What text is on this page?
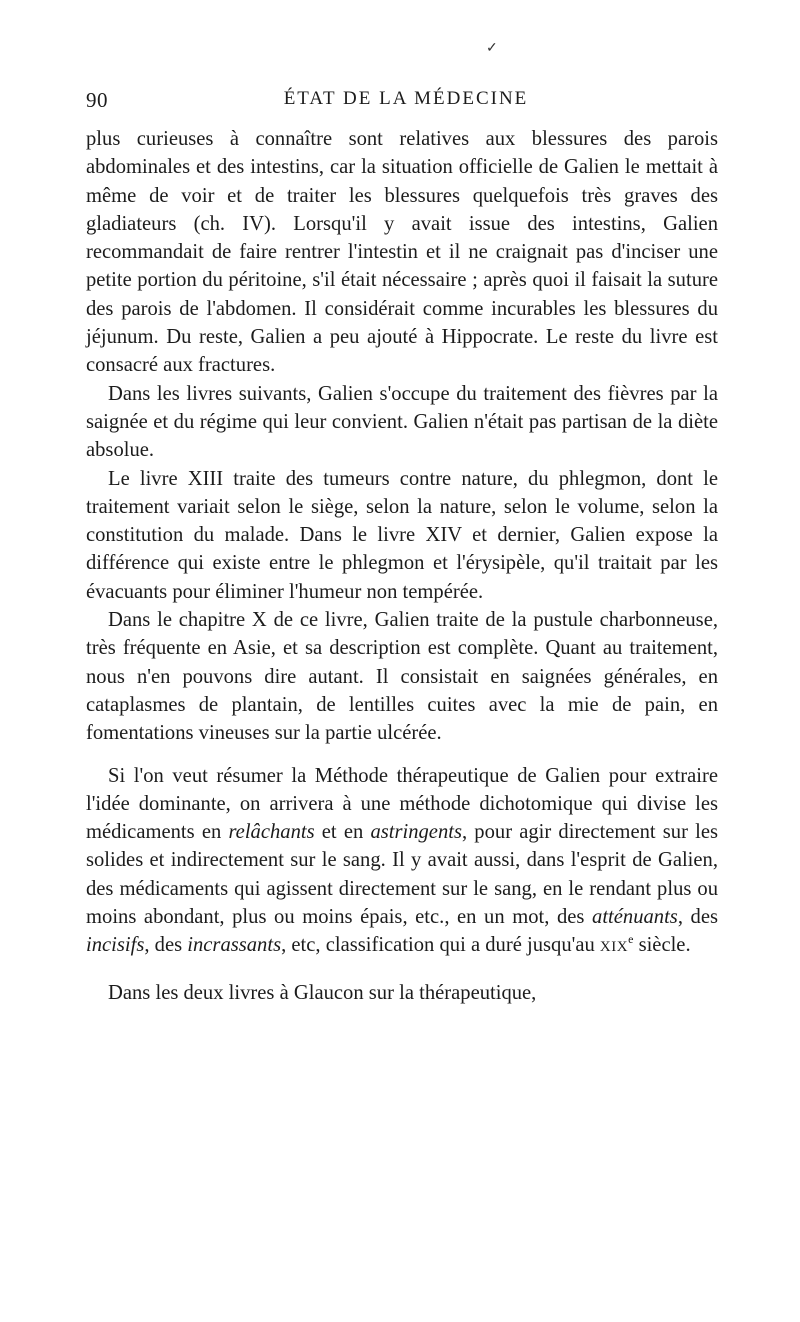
✓
90	ÉTAT DE LA MÉDECINE

plus curieuses à connaître sont relatives aux blessures des parois abdominales et des intestins, car la situation officielle de Galien le mettait à même de voir et de traiter les blessures quelquefois très graves des gladiateurs (ch. IV). Lorsqu'il y avait issue des intestins, Galien recommandait de faire rentrer l'intestin et il ne craignait pas d'inciser une petite portion du péritoine, s'il était nécessaire ; après quoi il faisait la suture des parois de l'abdomen. Il considérait comme incurables les blessures du jéjunum. Du reste, Galien a peu ajouté à Hippocrate. Le reste du livre est consacré aux fractures.

Dans les livres suivants, Galien s'occupe du traitement des fièvres par la saignée et du régime qui leur convient. Galien n'était pas partisan de la diète absolue.

Le livre XIII traite des tumeurs contre nature, du phlegmon, dont le traitement variait selon le siège, selon la nature, selon le volume, selon la constitution du malade. Dans le livre XIV et dernier, Galien expose la différence qui existe entre le phlegmon et l'érysipèle, qu'il traitait par les évacuants pour éliminer l'humeur non tempérée.

Dans le chapitre X de ce livre, Galien traite de la pustule charbonneuse, très fréquente en Asie, et sa description est complète. Quant au traitement, nous n'en pouvons dire autant. Il consistait en saignées générales, en cataplasmes de plantain, de lentilles cuites avec la mie de pain, en fomentations vineuses sur la partie ulcérée.

Si l'on veut résumer la Méthode thérapeutique de Galien pour extraire l'idée dominante, on arrivera à une méthode dichotomique qui divise les médicaments en relâchants et en astringents, pour agir directement sur les solides et indirectement sur le sang. Il y avait aussi, dans l'esprit de Galien, des médicaments qui agissent directement sur le sang, en le rendant plus ou moins abondant, plus ou moins épais, etc., en un mot, des atténuants, des incisifs, des incrassants, etc, classification qui a duré jusqu'au XIXe siècle.

Dans les deux livres à Glaucon sur la thérapeutique,
